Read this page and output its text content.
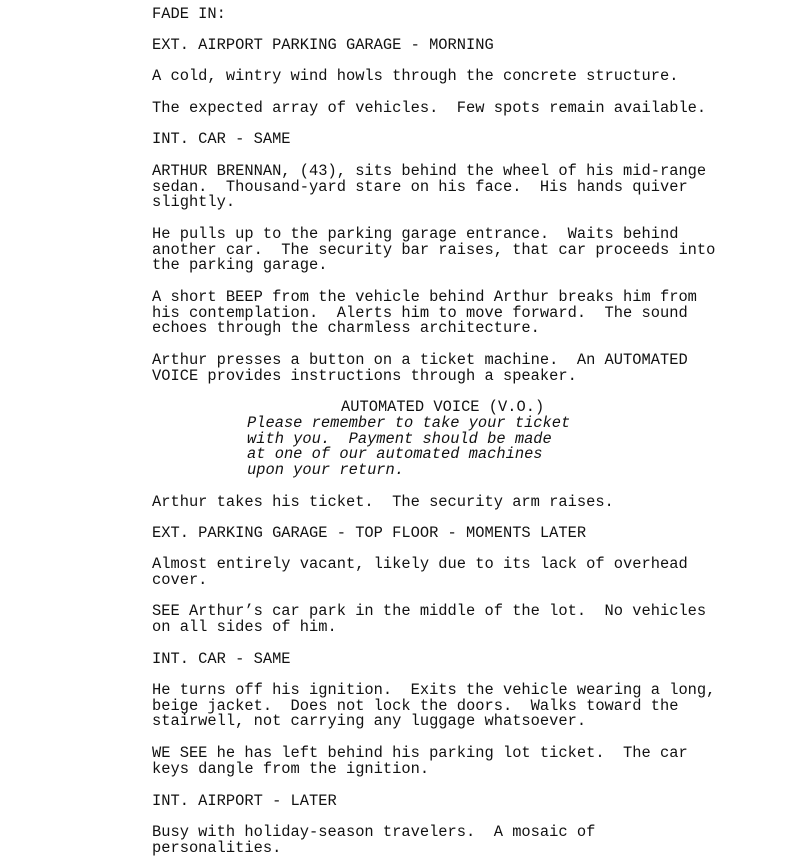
FADE IN:

EXT. AIRPORT PARKING GARAGE - MORNING

A cold, wintry wind howls through the concrete structure.

The expected array of vehicles.  Few spots remain available.

INT. CAR - SAME

ARTHUR BRENNAN, (43), sits behind the wheel of his mid-range
sedan.  Thousand-yard stare on his face.  His hands quiver
slightly.

He pulls up to the parking garage entrance.  Waits behind
another car.  The security bar raises, that car proceeds into
the parking garage.

A short BEEP from the vehicle behind Arthur breaks him from
his contemplation.  Alerts him to move forward.  The sound
echoes through the charmless architecture.

Arthur presses a button on a ticket machine.  An AUTOMATED
VOICE provides instructions through a speaker.

AUTOMATED VOICE (V.O.)

Please remember to take your ticket
with you.  Payment should be made
at one of our automated machines
upon your return.

Arthur takes his ticket.  The security arm raises.

EXT. PARKING GARAGE - TOP FLOOR - MOMENTS LATER

Almost entirely vacant, likely due to its lack of overhead
cover.

SEE Arthur’s car park in the middle of the lot.  No vehicles
on all sides of him.

INT. CAR - SAME

He turns off his ignition.  Exits the vehicle wearing a long,
beige jacket.  Does not lock the doors.  Walks toward the
stairwell, not carrying any luggage whatsoever.

WE SEE he has left behind his parking lot ticket.  The car
keys dangle from the ignition.

INT. AIRPORT - LATER

Busy with holiday-season travelers.  A mosaic of
personalities.
